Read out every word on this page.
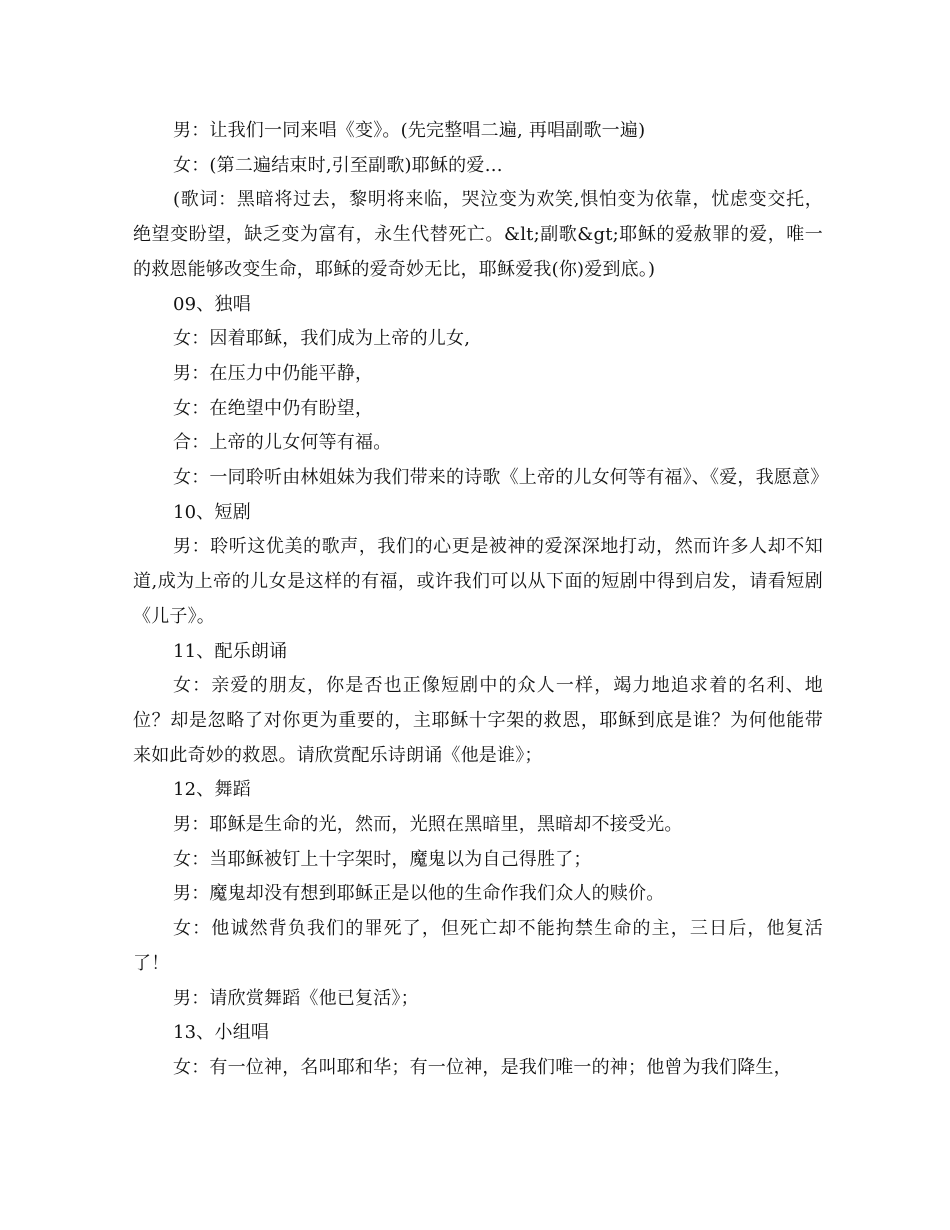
男：让我们一同来唱《变》。(先完整唱二遍, 再唱副歌一遍)

女：(第二遍结束时,引至副歌)耶稣的爱…

(歌词：黑暗将过去，黎明将来临，哭泣变为欢笑,惧怕变为依靠，忧虑变交托，绝望变盼望，缺乏变为富有，永生代替死亡。&lt;副歌&gt;耶稣的爱赦罪的爱，唯一的救恩能够改变生命，耶稣的爱奇妙无比，耶稣爱我(你)爱到底。)

09、独唱

女：因着耶稣，我们成为上帝的儿女,

男：在压力中仍能平静，

女：在绝望中仍有盼望，

合：上帝的儿女何等有福。

女：一同聆听由林姐妹为我们带来的诗歌《上帝的儿女何等有福》、《爱，我愿意》

10、短剧

男：聆听这优美的歌声，我们的心更是被神的爱深深地打动，然而许多人却不知道,成为上帝的儿女是这样的有福，或许我们可以从下面的短剧中得到启发，请看短剧《儿子》。

11、配乐朗诵

女：亲爱的朋友，你是否也正像短剧中的众人一样，竭力地追求着的名利、地位？却是忽略了对你更为重要的，主耶稣十字架的救恩，耶稣到底是谁？为何他能带来如此奇妙的救恩。请欣赏配乐诗朗诵《他是谁》；

12、舞蹈

男：耶稣是生命的光，然而，光照在黑暗里，黑暗却不接受光。

女：当耶稣被钉上十字架时，魔鬼以为自己得胜了；

男：魔鬼却没有想到耶稣正是以他的生命作我们众人的赎价。

女：他诚然背负我们的罪死了，但死亡却不能拘禁生命的主，三日后，他复活了！

男：请欣赏舞蹈《他已复活》；

13、小组唱

女：有一位神，名叫耶和华；有一位神，是我们唯一的神；他曾为我们降生，
